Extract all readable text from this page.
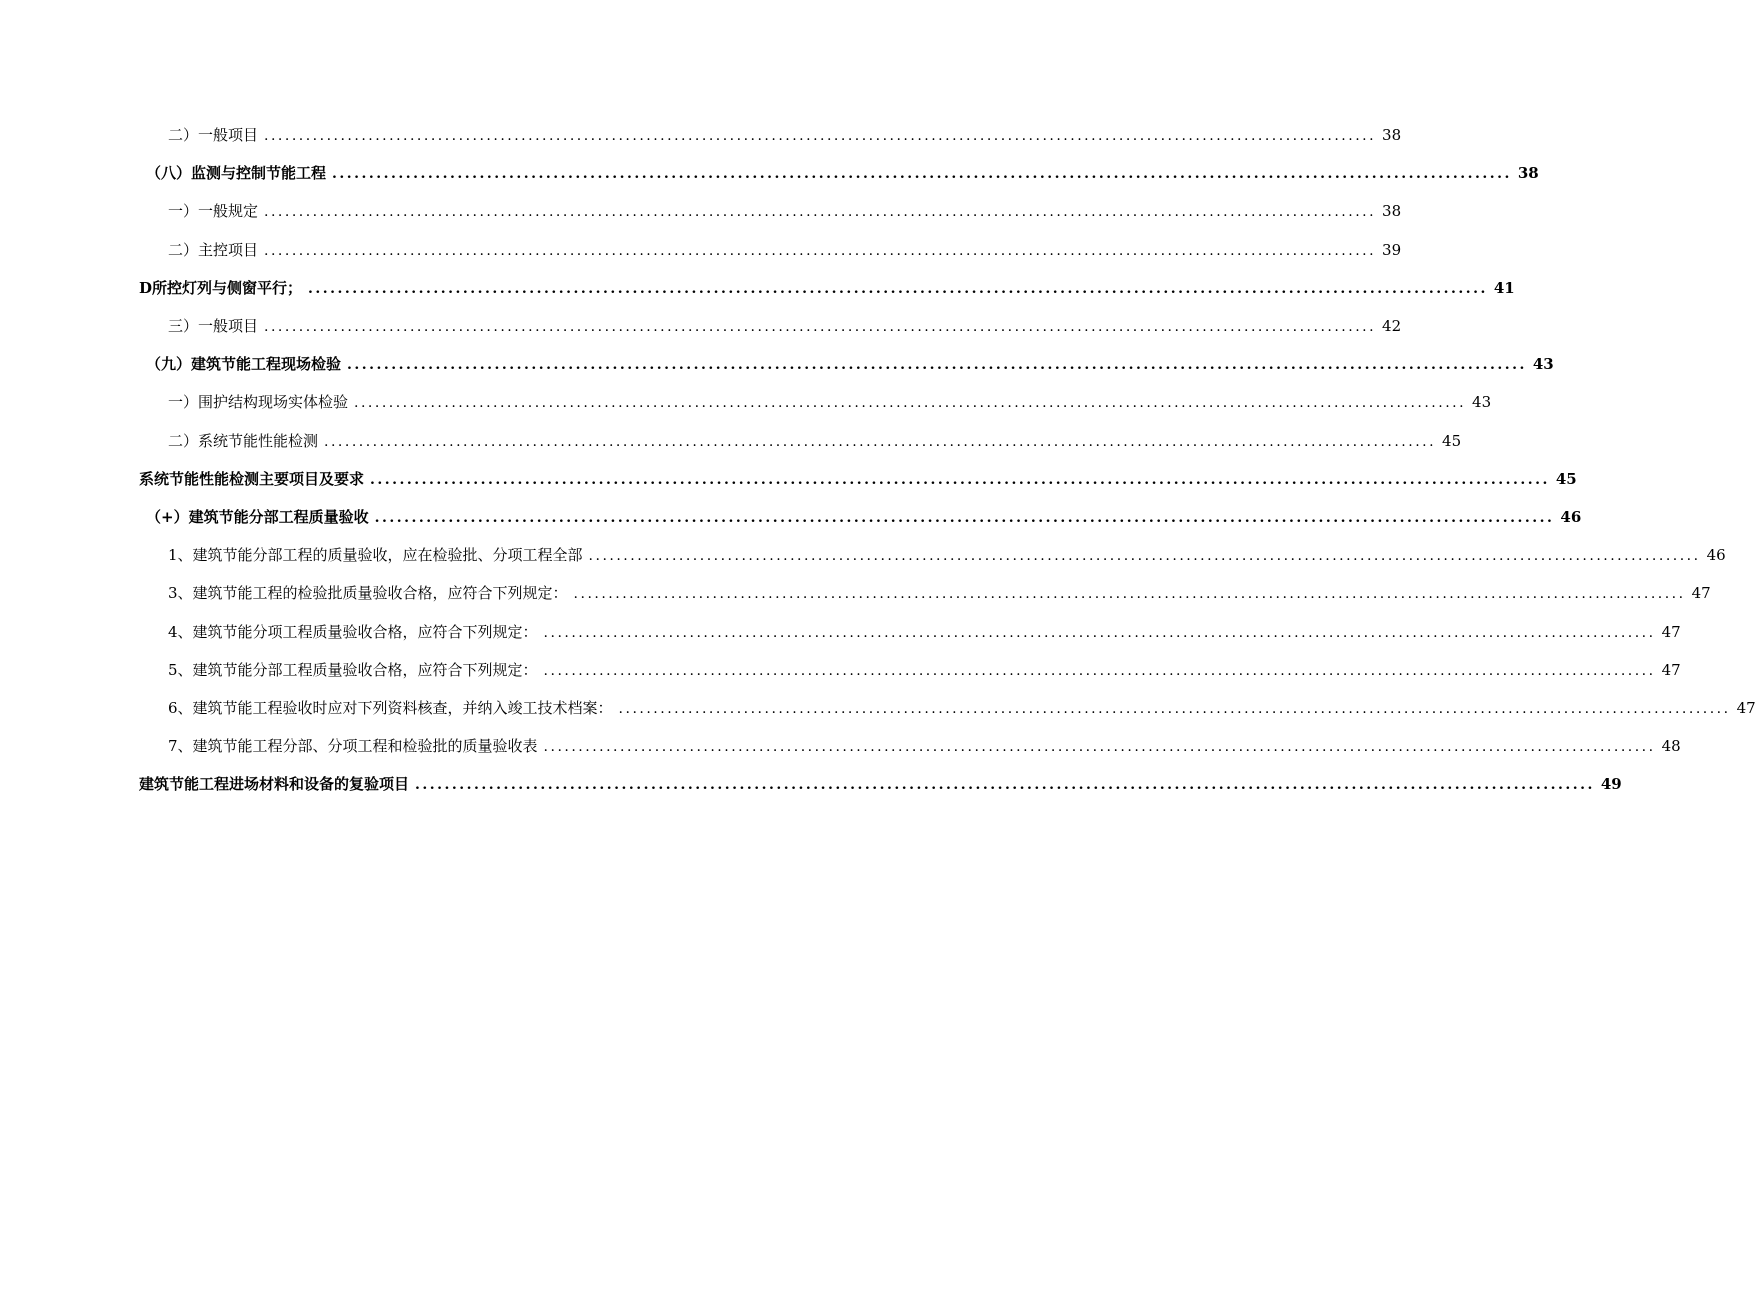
二）一般项目 ................................................................................................................................................................ 38
（八）监测与控制节能工程 ................................................................................................................................................................ 38
一）一般规定 ................................................................................................................................................................ 38
二）主控项目 ................................................................................................................................................................ 39
D所控灯列与侧窗平行； ................................................................................................................................................................ 41
三）一般项目 ................................................................................................................................................................ 42
（九）建筑节能工程现场检验 ................................................................................................................................................................ 43
一）围护结构现场实体检验 ................................................................................................................................................................ 43
二）系统节能性能检测 ................................................................................................................................................................ 45
系统节能性能检测主要项目及要求 ................................................................................................................................................................ 45
（+）建筑节能分部工程质量验收 ................................................................................................................................................................ 46
1、建筑节能分部工程的质量验收，应在检验批、分项工程全部 ................................................................................................................................................................ 46
3、建筑节能工程的检验批质量验收合格，应符合下列规定： ................................................................................................................................................................ 47
4、建筑节能分项工程质量验收合格，应符合下列规定： ................................................................................................................................................................ 47
5、建筑节能分部工程质量验收合格，应符合下列规定： ................................................................................................................................................................ 47
6、建筑节能工程验收时应对下列资料核查，并纳入竣工技术档案： ................................................................................................................................................................ 47
7、建筑节能工程分部、分项工程和检验批的质量验收表 ................................................................................................................................................................ 48
建筑节能工程进场材料和设备的复验项目 ................................................................................................................................................................ 49
